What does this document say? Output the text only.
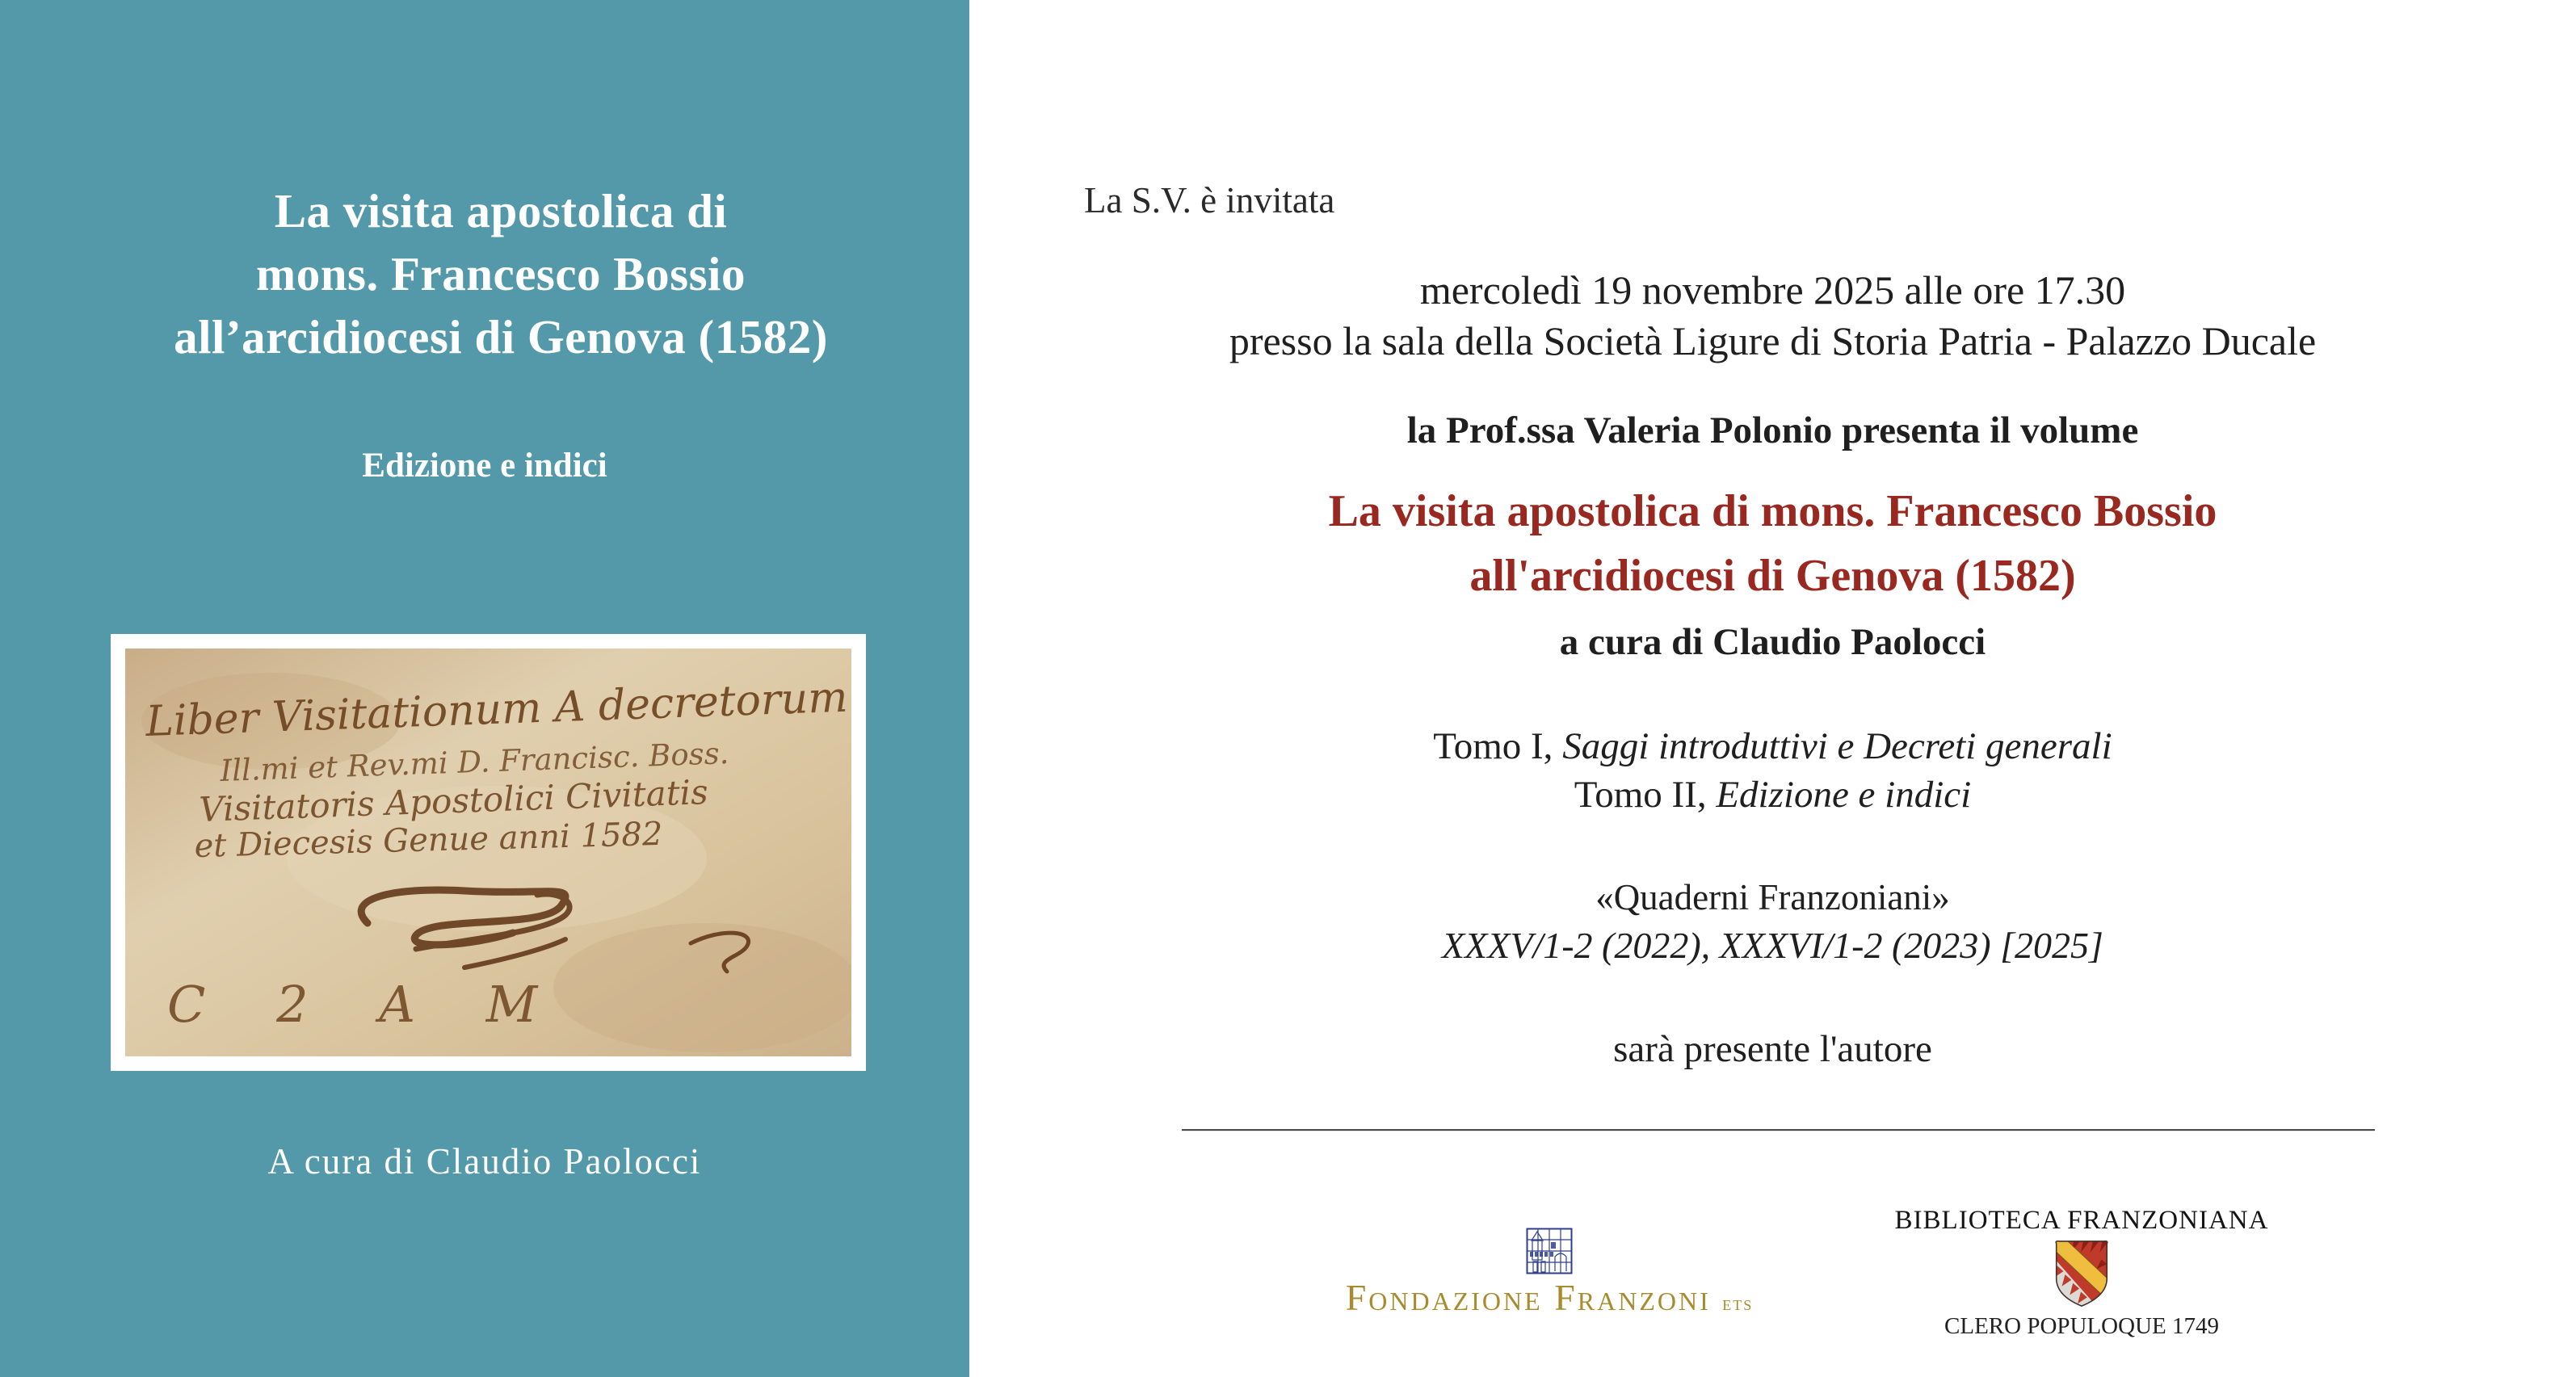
La visita apostolica di
mons. Francesco Bossio
all’arcidiocesi di Genova (1582)
Edizione e indici
Liber Visitationum A decretorum
Ill.mi et Rev.mi D. Francisc. Boss.
Visitatoris Apostolici Civitatis
et Diecesis Genue anni 1582
C 2 A M
A cura di Claudio Paolocci

La S.V. è invitata

mercoledì 19 novembre 2025 alle ore 17.30

presso la sala della Società Ligure di Storia Patria - Palazzo Ducale

la Prof.ssa Valeria Polonio presenta il volume

La visita apostolica di mons. Francesco Bossio

all'arcidiocesi di Genova (1582)

a cura di Claudio Paolocci

Tomo I, Saggi introduttivi e Decreti generali

Tomo II, Edizione e indici

«Quaderni Franzoniani»

XXXV/1-2 (2022), XXXVI/1-2 (2023) [2025]

sarà presente l'autore

Fondazione Franzoni ets
BIBLIOTECA FRANZONIANA
CLERO POPULOQUE 1749
